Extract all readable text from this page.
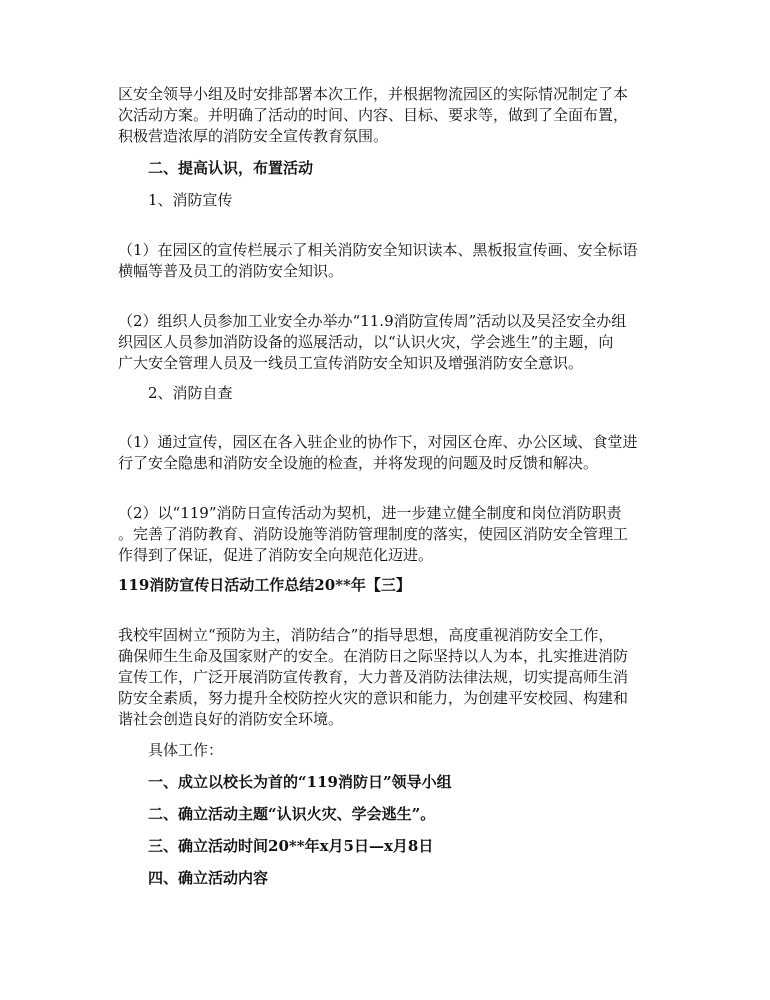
区安全领导小组及时安排部署本次工作，并根据物流园区的实际情况制定了本
次活动方案。并明确了活动的时间、内容、目标、要求等，做到了全面布置，
积极营造浓厚的消防安全宣传教育氛围。
二、提高认识，布置活动
1、消防宣传
（1）在园区的宣传栏展示了相关消防安全知识读本、黑板报宣传画、安全标语
横幅等普及员工的消防安全知识。
（2）组织人员参加工业安全办举办“11.9消防宣传周”活动以及吴泾安全办组
织园区人员参加消防设备的巡展活动，以“认识火灾，学会逃生”的主题，向
广大安全管理人员及一线员工宣传消防安全知识及增强消防安全意识。
2、消防自查
（1）通过宣传，园区在各入驻企业的协作下，对园区仓库、办公区域、食堂进
行了安全隐患和消防安全设施的检查，并将发现的问题及时反馈和解决。
（2）以“119”消防日宣传活动为契机，进一步建立健全制度和岗位消防职责
。完善了消防教育、消防设施等消防管理制度的落实，使园区消防安全管理工
作得到了保证，促进了消防安全向规范化迈进。
119消防宣传日活动工作总结20**年【三】
我校牢固树立“预防为主，消防结合”的指导思想，高度重视消防安全工作，
确保师生生命及国家财产的安全。在消防日之际坚持以人为本，扎实推进消防
宣传工作，广泛开展消防宣传教育，大力普及消防法律法规，切实提高师生消
防安全素质，努力提升全校防控火灾的意识和能力，为创建平安校园、构建和
谐社会创造良好的消防安全环境。
具体工作：
一、成立以校长为首的“119消防日”领导小组
二、确立活动主题“认识火灾、学会逃生”。
三、确立活动时间20**年x月5日—x月8日
四、确立活动内容
